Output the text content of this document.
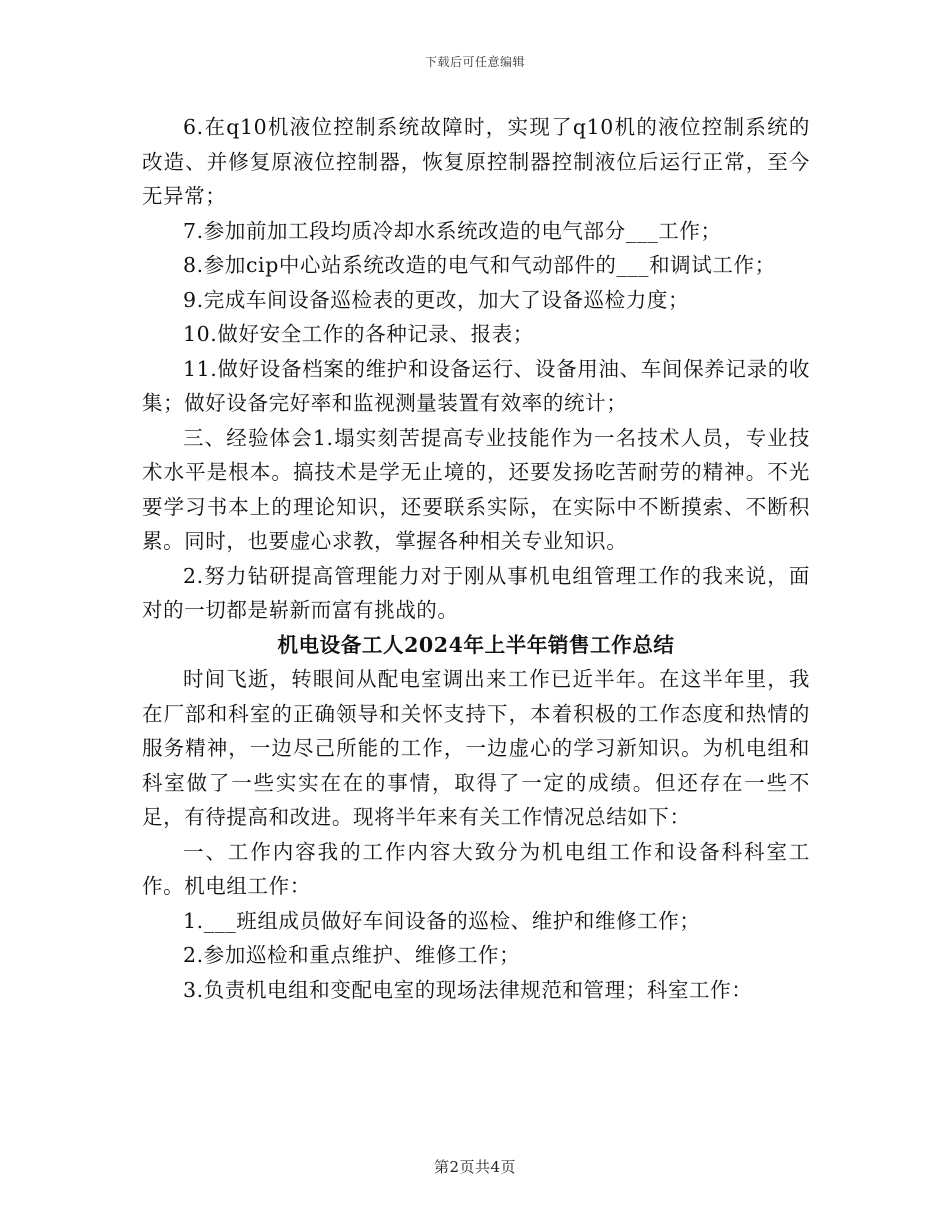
下载后可任意编辑

6.在q10机液位控制系统故障时，实现了q10机的液位控制系统的改造、并修复原液位控制器，恢复原控制器控制液位后运行正常，至今无异常；

7.参加前加工段均质冷却水系统改造的电气部分___工作；

8.参加cip中心站系统改造的电气和气动部件的___和调试工作；

9.完成车间设备巡检表的更改，加大了设备巡检力度；

10.做好安全工作的各种记录、报表；

11.做好设备档案的维护和设备运行、设备用油、车间保养记录的收集；做好设备完好率和监视测量装置有效率的统计；

三、经验体会1.塌实刻苦提高专业技能作为一名技术人员，专业技术水平是根本。搞技术是学无止境的，还要发扬吃苦耐劳的精神。不光要学习书本上的理论知识，还要联系实际，在实际中不断摸索、不断积累。同时，也要虚心求教，掌握各种相关专业知识。

2.努力钻研提高管理能力对于刚从事机电组管理工作的我来说，面对的一切都是崭新而富有挑战的。

机电设备工人2024年上半年销售工作总结

时间飞逝，转眼间从配电室调出来工作已近半年。在这半年里，我在厂部和科室的正确领导和关怀支持下，本着积极的工作态度和热情的服务精神，一边尽己所能的工作，一边虚心的学习新知识。为机电组和科室做了一些实实在在的事情，取得了一定的成绩。但还存在一些不足，有待提高和改进。现将半年来有关工作情况总结如下：

一、工作内容我的工作内容大致分为机电组工作和设备科科室工作。机电组工作：

1.___班组成员做好车间设备的巡检、维护和维修工作；

2.参加巡检和重点维护、维修工作；

3.负责机电组和变配电室的现场法律规范和管理；科室工作：

第2页共4页
